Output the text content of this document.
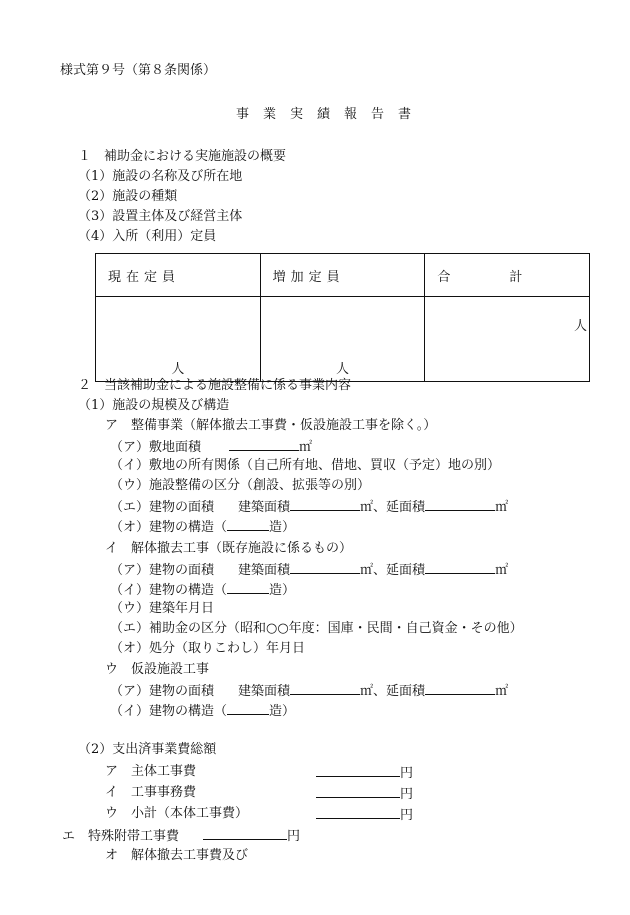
様式第９号（第８条関係）
事業実績報告書
１　補助金における実施施設の概要
（1）施設の名称及び所在地
（2）施設の種類
（3）設置主体及び経営主体
（4）入所（利用）定員
現在定員	増加定員	合　　　計
人	人	人
２　当該補助金による施設整備に係る事業内容
（1）施設の規模及び構造
ア　整備事業（解体撤去工事費・仮設施設工事を除く。）
（ア）敷地面積	㎡
（イ）敷地の所有関係（自己所有地、借地、買収（予定）地の別）
（ウ）施設整備の区分（創設、拡張等の別）
（エ）建物の面積 建築面積	㎡、延面積	㎡
（オ）建物の構造（	造）
イ　解体撤去工事（既存施設に係るもの）
（ア）建物の面積 建築面積	㎡、延面積	㎡
（イ）建物の構造（	造）
（ウ）建築年月日
（エ）補助金の区分（昭和○○年度：国庫・民間・自己資金・その他）
（オ）処分（取りこわし）年月日
ウ　仮設施設工事
（ア）建物の面積 建築面積	㎡、延面積	㎡
（イ）建物の構造（	造）
（2）支出済事業費総額
ア　主体工事費	円
イ　工事事務費	円
ウ　小計（本体工事費）	円
エ　特殊附帯工事費	円
オ　解体撤去工事費及び
